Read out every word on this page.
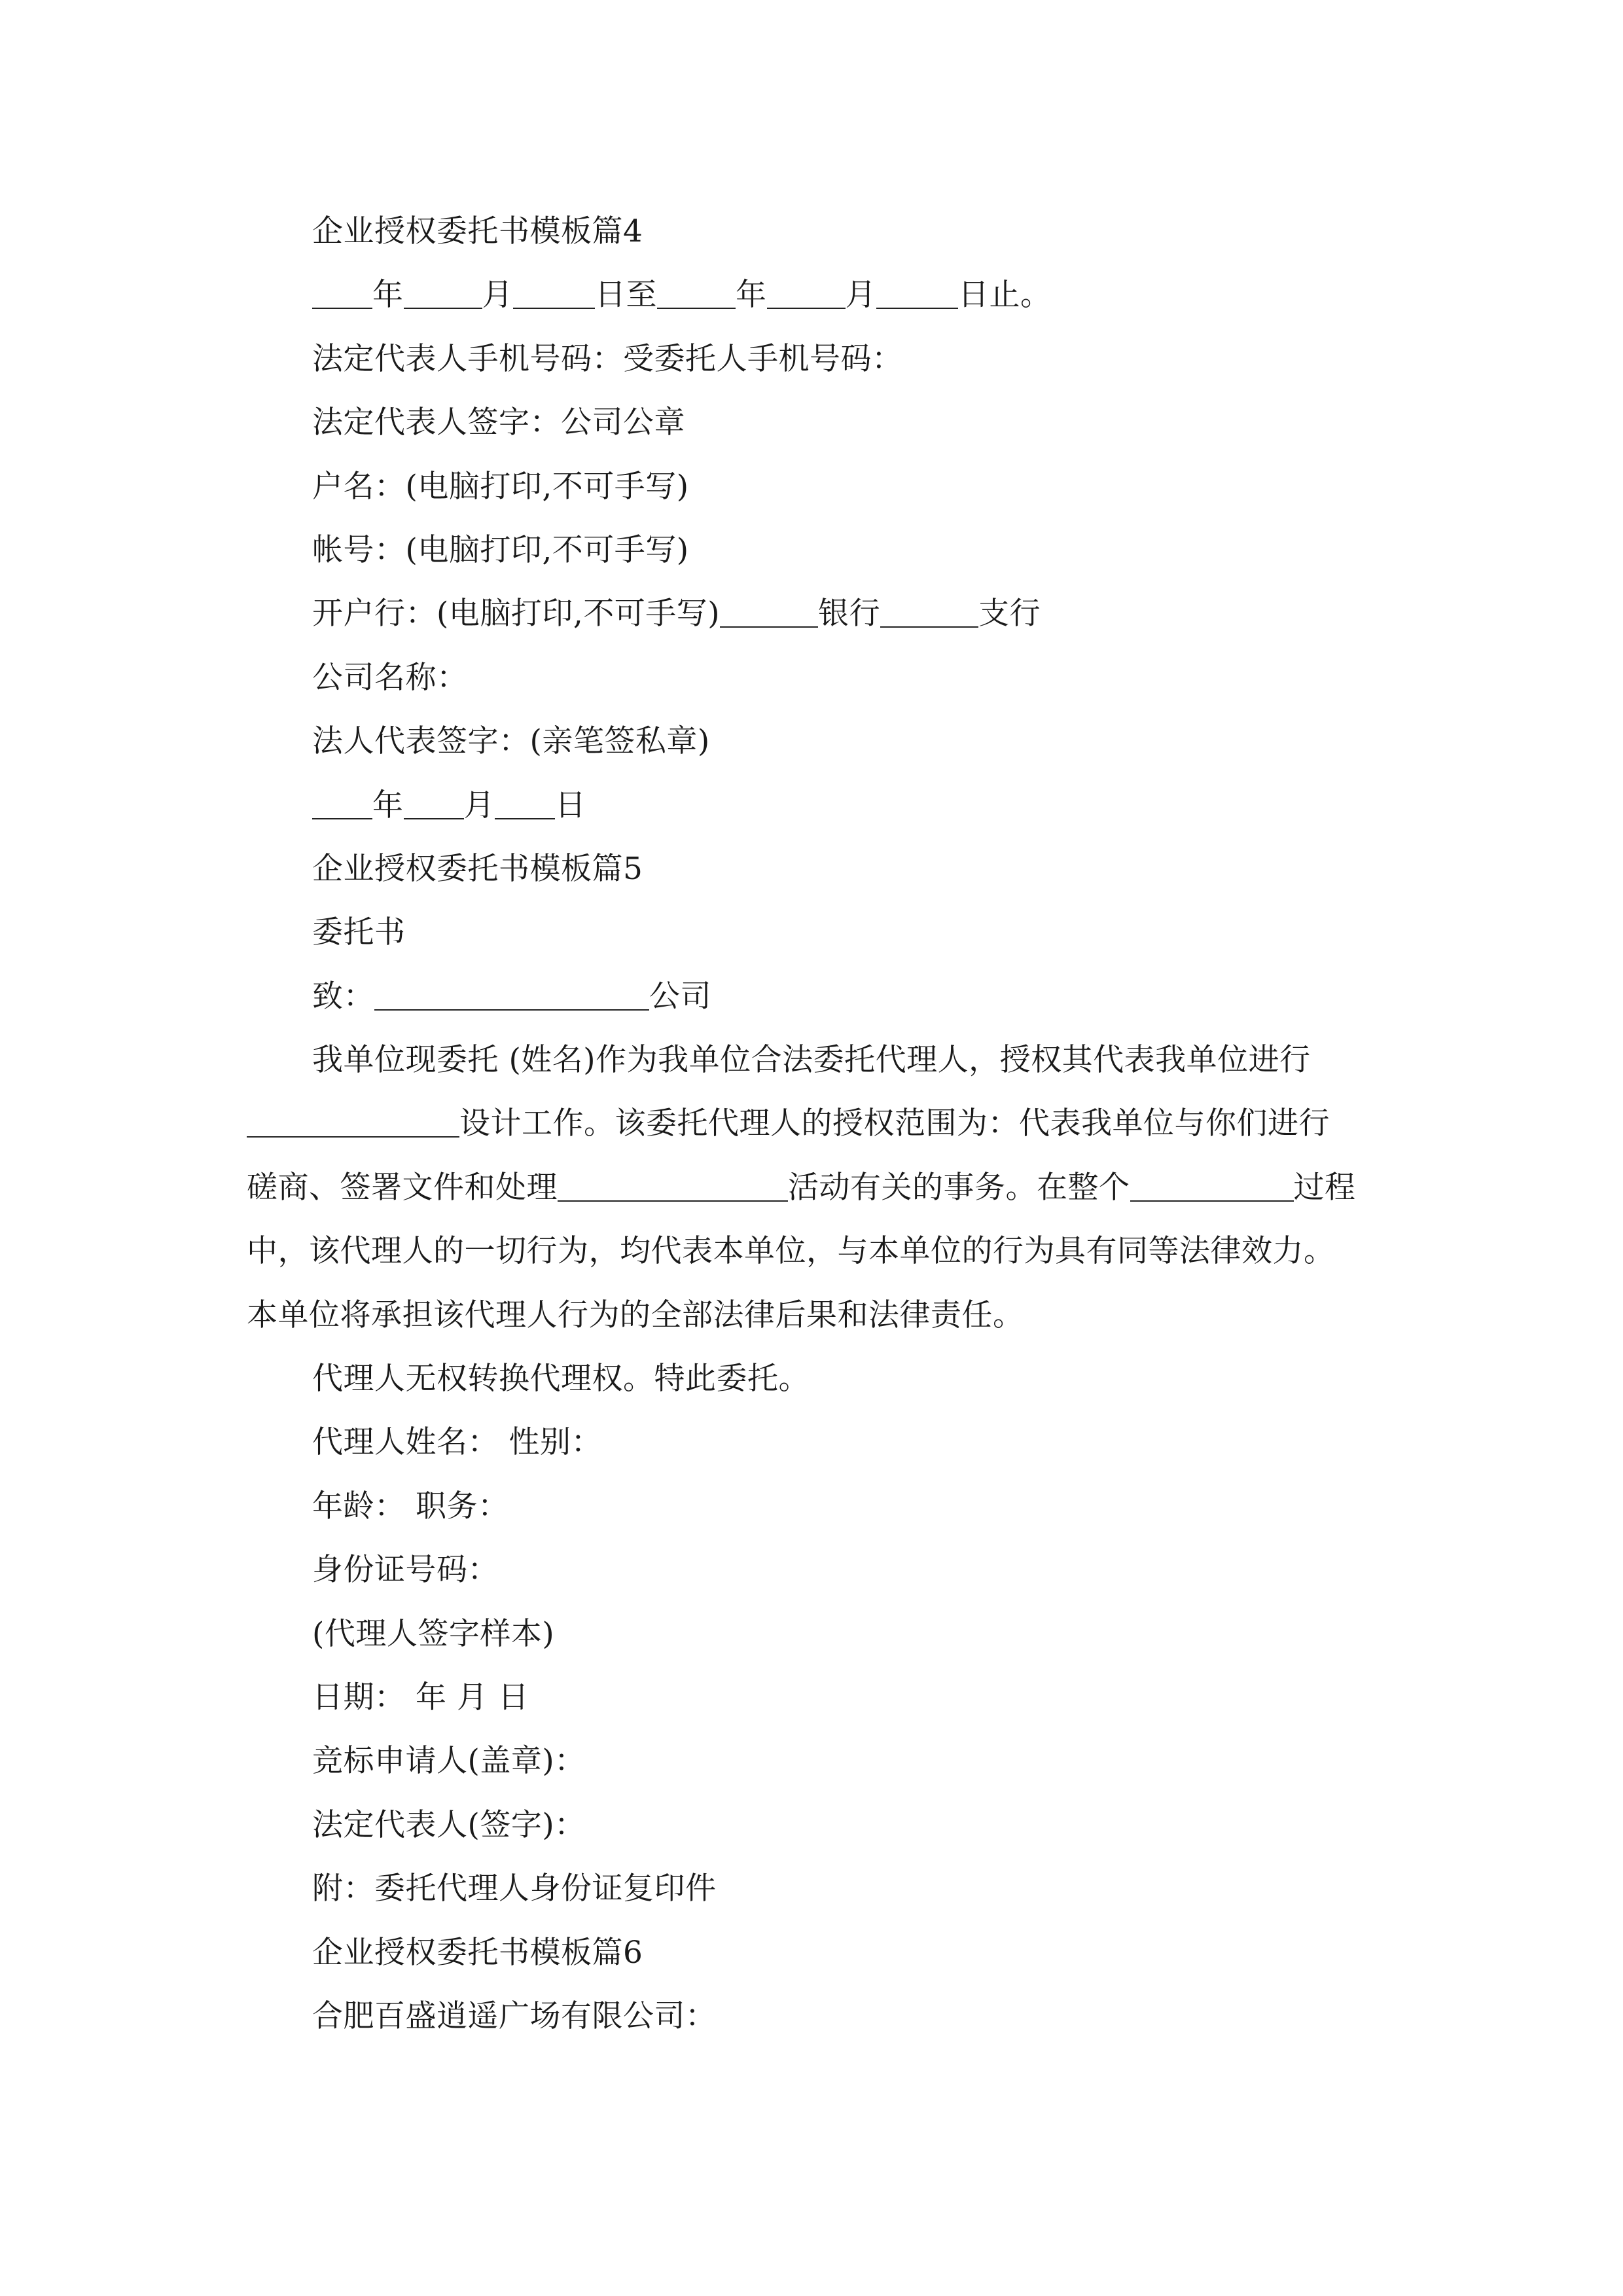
企业授权委托书模板篇4
年	月	日至	年	月	日止。
法定代表人手机号码：受委托人手机号码：
法定代表人签字：公司公章
户名：(电脑打印,不可手写)
帐号：(电脑打印,不可手写)
开户行：(电脑打印,不可手写)	银行	支行
公司名称：
法人代表签字：(亲笔签私章)
年 月 日
企业授权委托书模板篇5
委托书
致：	公司
我单位现委托 (姓名)作为我单位合法委托代理人，授权其代表我单位进行
设计工作。该委托代理人的授权范围为：代表我单位与你们进行
磋商、签署文件和处理	活动有关的事务。在整个	过程
中，该代理人的一切行为，均代表本单位，与本单位的行为具有同等法律效力。
本单位将承担该代理人行为的全部法律后果和法律责任。
代理人无权转换代理权。特此委托。
代理人姓名： 性别：
年龄： 职务：
身份证号码：
(代理人签字样本)
日期： 年 月 日
竞标申请人(盖章)：
法定代表人(签字)：
附：委托代理人身份证复印件
企业授权委托书模板篇6
合肥百盛逍遥广场有限公司：
